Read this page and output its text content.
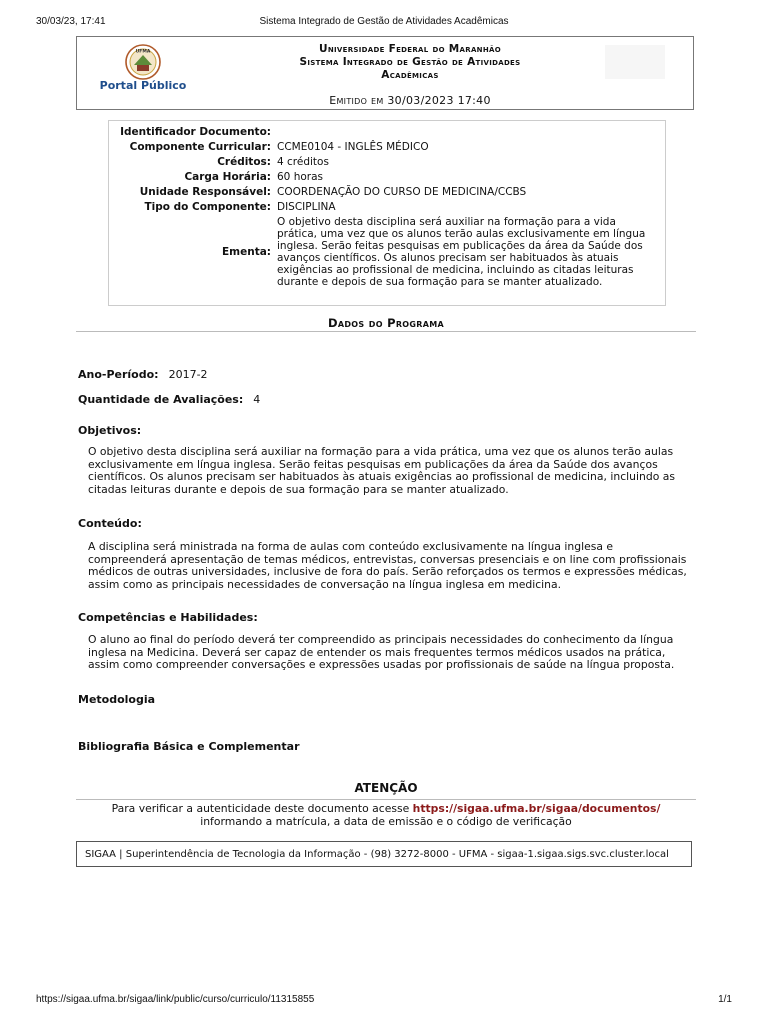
30/03/23, 17:41	Sistema Integrado de Gestão de Atividades Acadêmicas
UFMA
Portal Público
Universidade Federal do Maranhão
Sistema Integrado de Gestão de Atividades
Acadêmicas
Emitido em 30/03/2023 17:40
Identificador Documento:	
Componente Curricular:	CCME0104 - INGLÊS MÉDICO
Créditos:	4 créditos
Carga Horária:	60 horas
Unidade Responsável:	COORDENAÇÃO DO CURSO DE MEDICINA/CCBS
Tipo do Componente:	DISCIPLINA
Ementa:	O objetivo desta disciplina será auxiliar na formação para a vida prática, uma vez que os alunos terão aulas exclusivamente em língua inglesa. Serão feitas pesquisas em publicações da área da Saúde dos avanços científicos. Os alunos precisam ser habituados às atuais exigências ao profissional de medicina, incluindo as citadas leituras durante e depois de sua formação para se manter atualizado.
Dados do Programa
Ano-Período: 2017-2
Quantidade de Avaliações: 4
Objetivos:
O objetivo desta disciplina será auxiliar na formação para a vida prática, uma vez que os alunos terão aulas exclusivamente em língua inglesa. Serão feitas pesquisas em publicações da área da Saúde dos avanços científicos. Os alunos precisam ser habituados às atuais exigências ao profissional de medicina, incluindo as citadas leituras durante e depois de sua formação para se manter atualizado.
Conteúdo:
A disciplina será ministrada na forma de aulas com conteúdo exclusivamente na língua inglesa e compreenderá apresentação de temas médicos, entrevistas, conversas presenciais e on line com profissionais médicos de outras universidades, inclusive de fora do país. Serão reforçados os termos e expressões médicas, assim como as principais necessidades de conversação na língua inglesa em medicina.
Competências e Habilidades:
O aluno ao final do período deverá ter compreendido as principais necessidades do conhecimento da língua inglesa na Medicina. Deverá ser capaz de entender os mais frequentes termos médicos usados na prática, assim como compreender conversações e expressões usadas por profissionais de saúde na língua proposta.
Metodologia
Bibliografia Básica e Complementar
ATENÇÃO
Para verificar a autenticidade deste documento acesse https://sigaa.ufma.br/sigaa/documentos/
informando a matrícula, a data de emissão e o código de verificação
SIGAA | Superintendência de Tecnologia da Informação - (98) 3272-8000 - UFMA - sigaa-1.sigaa.sigs.svc.cluster.local
https://sigaa.ufma.br/sigaa/link/public/curso/curriculo/11315855	1/1
